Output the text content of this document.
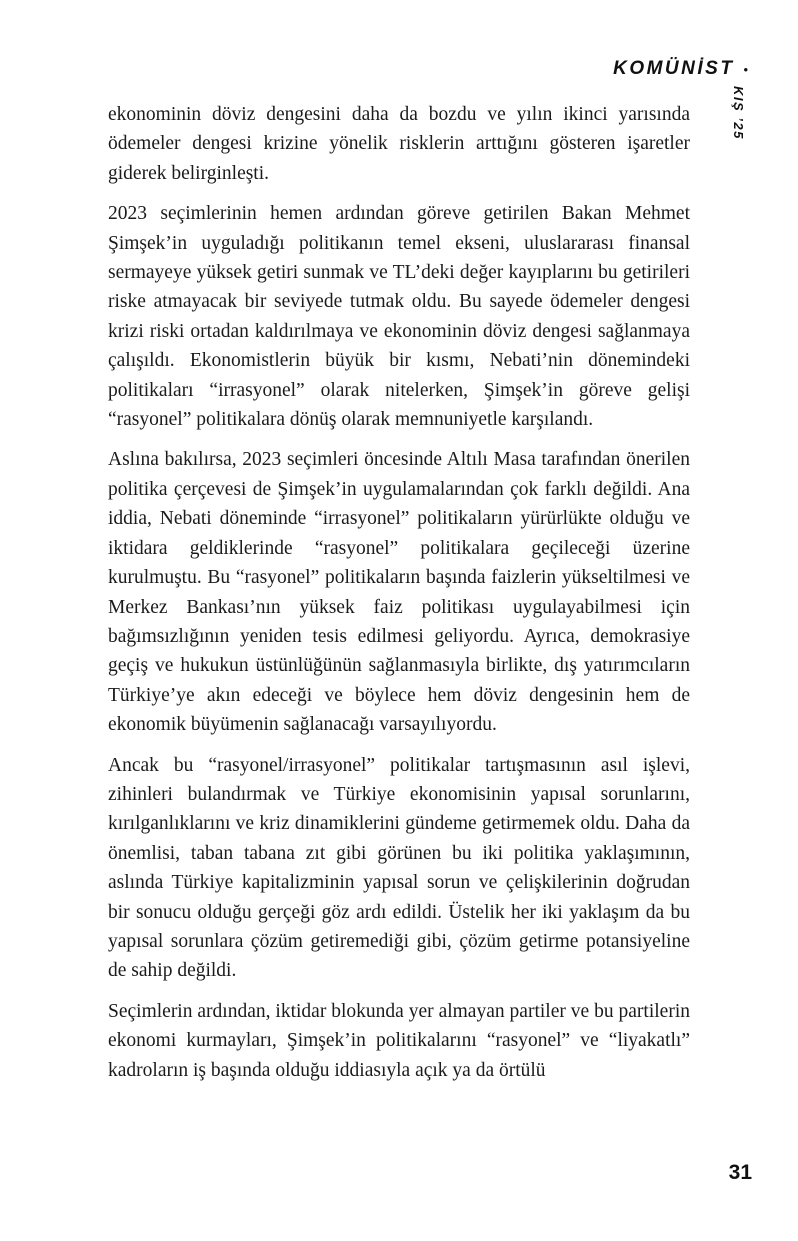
KOMÜNİST •
KIŞ ’25

ekonominin döviz dengesini daha da bozdu ve yılın ikinci yarısında ödemeler dengesi krizine yönelik risklerin arttığını gösteren işaretler giderek belirginleşti.

2023 seçimlerinin hemen ardından göreve getirilen Bakan Mehmet Şimşek’in uyguladığı politikanın temel ekseni, uluslararası finansal sermayeye yüksek getiri sunmak ve TL’deki değer kayıplarını bu getirileri riske atmayacak bir seviyede tutmak oldu. Bu sayede ödemeler dengesi krizi riski ortadan kaldırılmaya ve ekonominin döviz dengesi sağlanmaya çalışıldı. Ekonomistlerin büyük bir kısmı, Nebati’nin dönemindeki politikaları “irrasyonel” olarak nitelerken, Şimşek’in göreve gelişi “rasyonel” politikalara dönüş olarak memnuniyetle karşılandı.

Aslına bakılırsa, 2023 seçimleri öncesinde Altılı Masa tarafından önerilen politika çerçevesi de Şimşek’in uygulamalarından çok farklı değildi. Ana iddia, Nebati döneminde “irrasyonel” politikaların yürürlükte olduğu ve iktidara geldiklerinde “rasyonel” politikalara geçileceği üzerine kurulmuştu. Bu “rasyonel” politikaların başında faizlerin yükseltilmesi ve Merkez Bankası’nın yüksek faiz politikası uygulayabilmesi için bağımsızlığının yeniden tesis edilmesi geliyordu. Ayrıca, demokrasiye geçiş ve hukukun üstünlüğünün sağlanmasıyla birlikte, dış yatırımcıların Türkiye’ye akın edeceği ve böylece hem döviz dengesinin hem de ekonomik büyümenin sağlanacağı varsayılıyordu.

Ancak bu “rasyonel/irrasyonel” politikalar tartışmasının asıl işlevi, zihinleri bulandırmak ve Türkiye ekonomisinin yapısal sorunlarını, kırılganlıklarını ve kriz dinamiklerini gündeme getirmemek oldu. Daha da önemlisi, taban tabana zıt gibi görünen bu iki politika yaklaşımının, aslında Türkiye kapitalizminin yapısal sorun ve çelişkilerinin doğrudan bir sonucu olduğu gerçeği göz ardı edildi. Üstelik her iki yaklaşım da bu yapısal sorunlara çözüm getiremediği gibi, çözüm getirme potansiyeline de sahip değildi.

Seçimlerin ardından, iktidar blokunda yer almayan partiler ve bu partilerin ekonomi kurmayları, Şimşek’in politikalarını “rasyonel” ve “liyakatlı” kadroların iş başında olduğu iddiasıyla açık ya da örtülü

31
